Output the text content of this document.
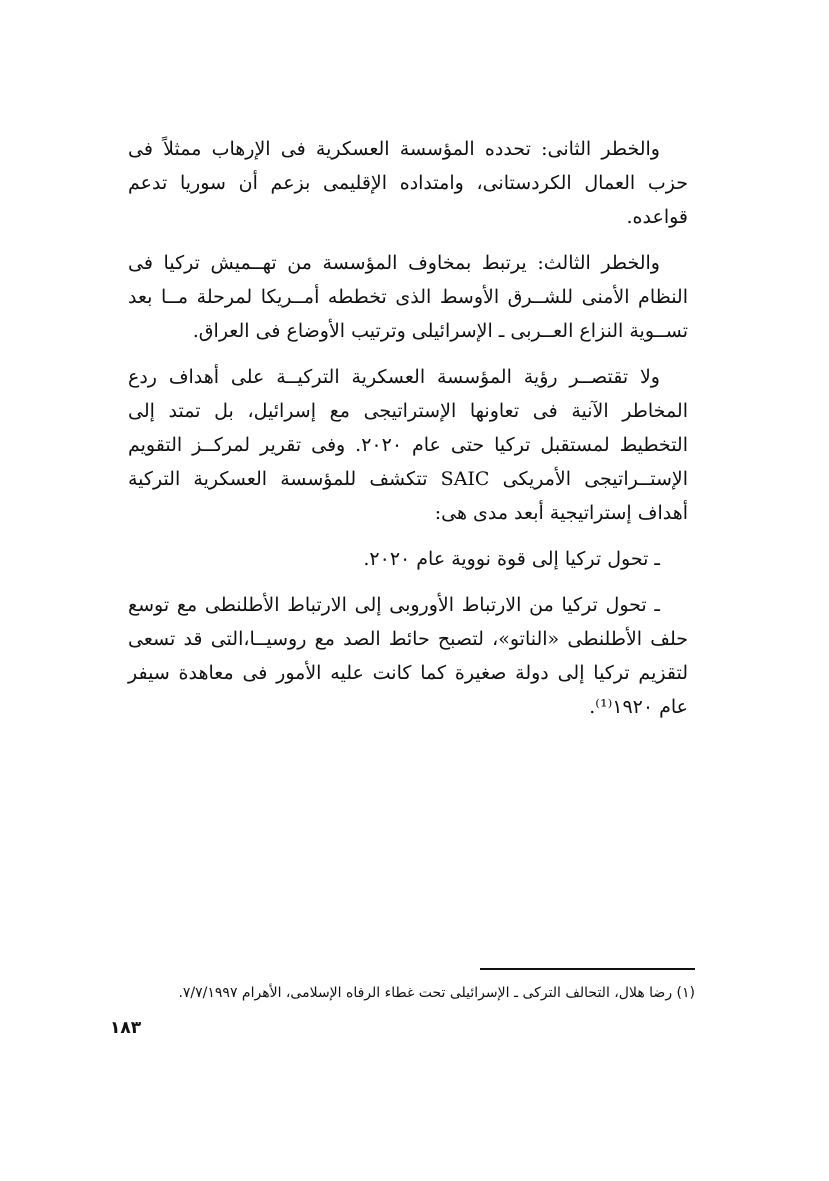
والخطر الثانى: تحدده المؤسسة العسكرية فى الإرهاب ممثلاً فى حزب العمال الكردستانى، وامتداده الإقليمى بزعم أن سوريا تدعم قواعده.

والخطر الثالث: يرتبط بمخاوف المؤسسة من تهــميش تركيا فى النظام الأمنى للشــرق الأوسط الذى تخططه أمــريكا لمرحلة مــا بعد تســوية النزاع العــربى ـ الإسرائيلى وترتيب الأوضاع فى العراق.

ولا تقتصــر رؤية المؤسسة العسكرية التركيــة على أهداف ردع المخاطر الآنية فى تعاونها الإستراتيجى مع إسرائيل، بل تمتد إلى التخطيط لمستقبل تركيا حتى عام ٢٠٢٠. وفى تقرير لمركــز التقويم الإستــراتيجى الأمريكى SAIC تتكشف للمؤسسة العسكرية التركية أهداف إستراتيجية أبعد مدى هى:

ـ تحول تركيا إلى قوة نووية عام ٢٠٢٠.

ـ تحول تركيا من الارتباط الأوروبى إلى الارتباط الأطلنطى مع توسع حلف الأطلنطى «الناتو»، لتصبح حائط الصد مع روسيــا،التى قد تسعى لتقزيم تركيا إلى دولة صغيرة كما كانت عليه الأمور فى معاهدة سيفر عام ١٩٢٠⁽¹⁾.

(١) رضا هلال، التحالف التركى ـ الإسرائيلى تحت غطاء الرفاه الإسلامى، الأهرام ٧/٧/١٩٩٧.
١٨٣
